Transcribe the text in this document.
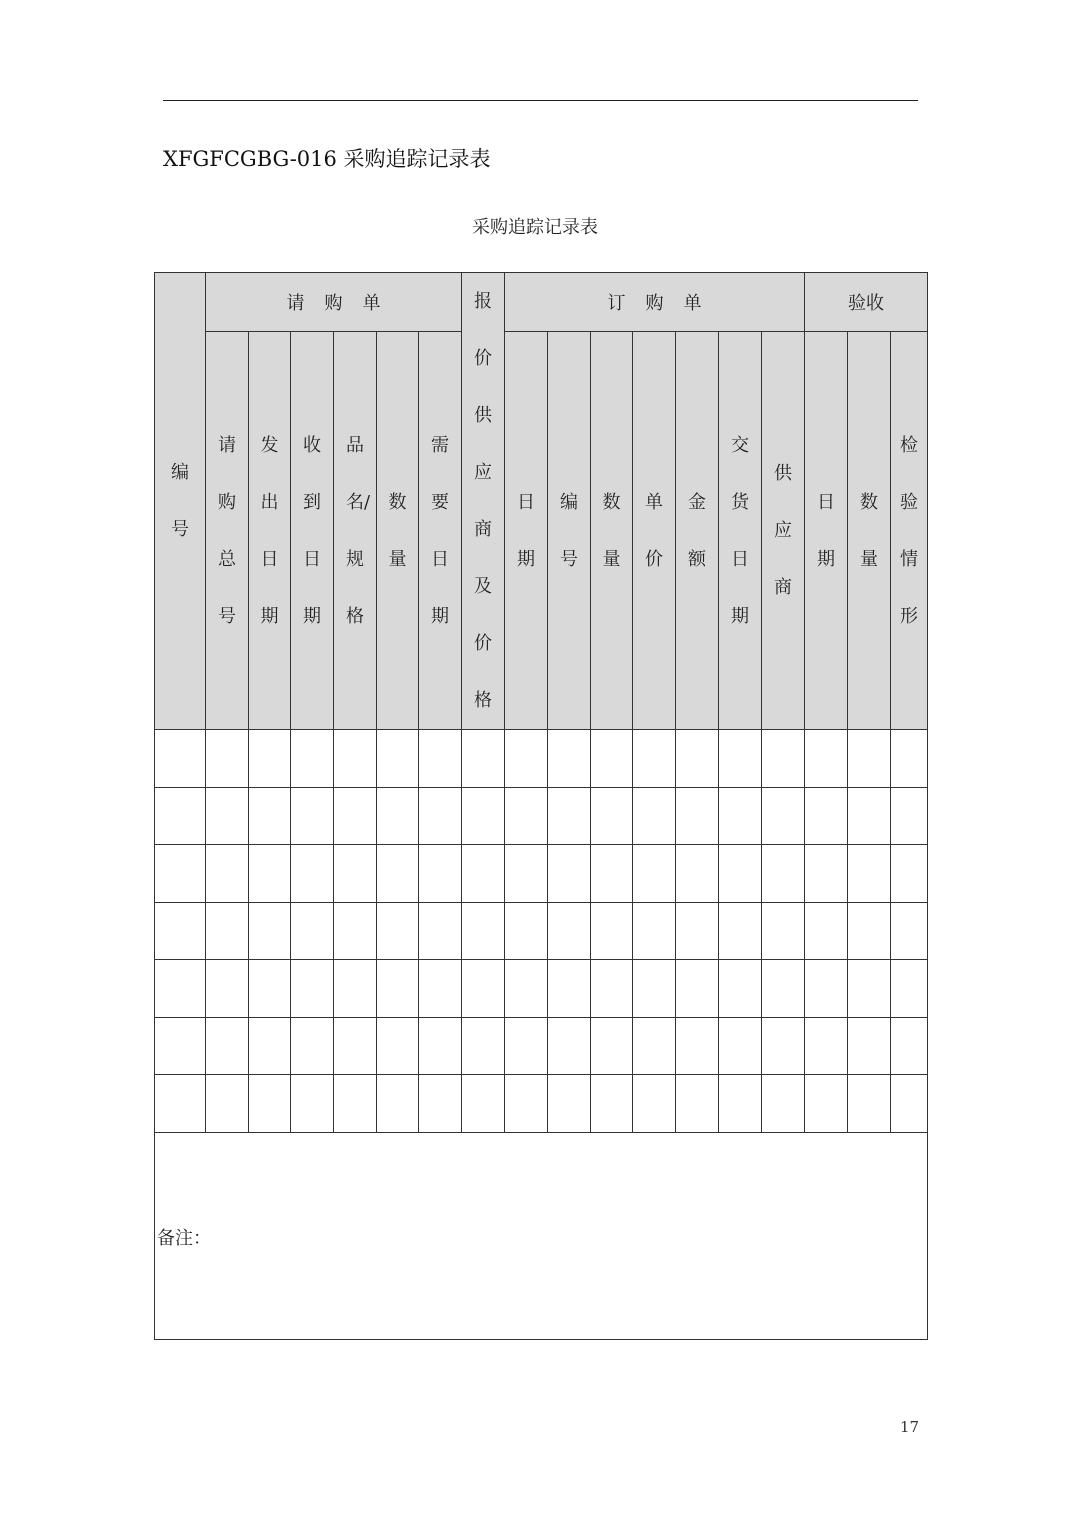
XFGFCGBG-016 采购追踪记录表
采购追踪记录表
编号	请购单						报价供应商及价格	订购单							验收		
	请购总号	发出日期	收到日期	品名/规格	数量	需要日期		日期	编号	数量	单价	金额	交货日期	供应商	日期	数量	检验情形

备注：																	
17
